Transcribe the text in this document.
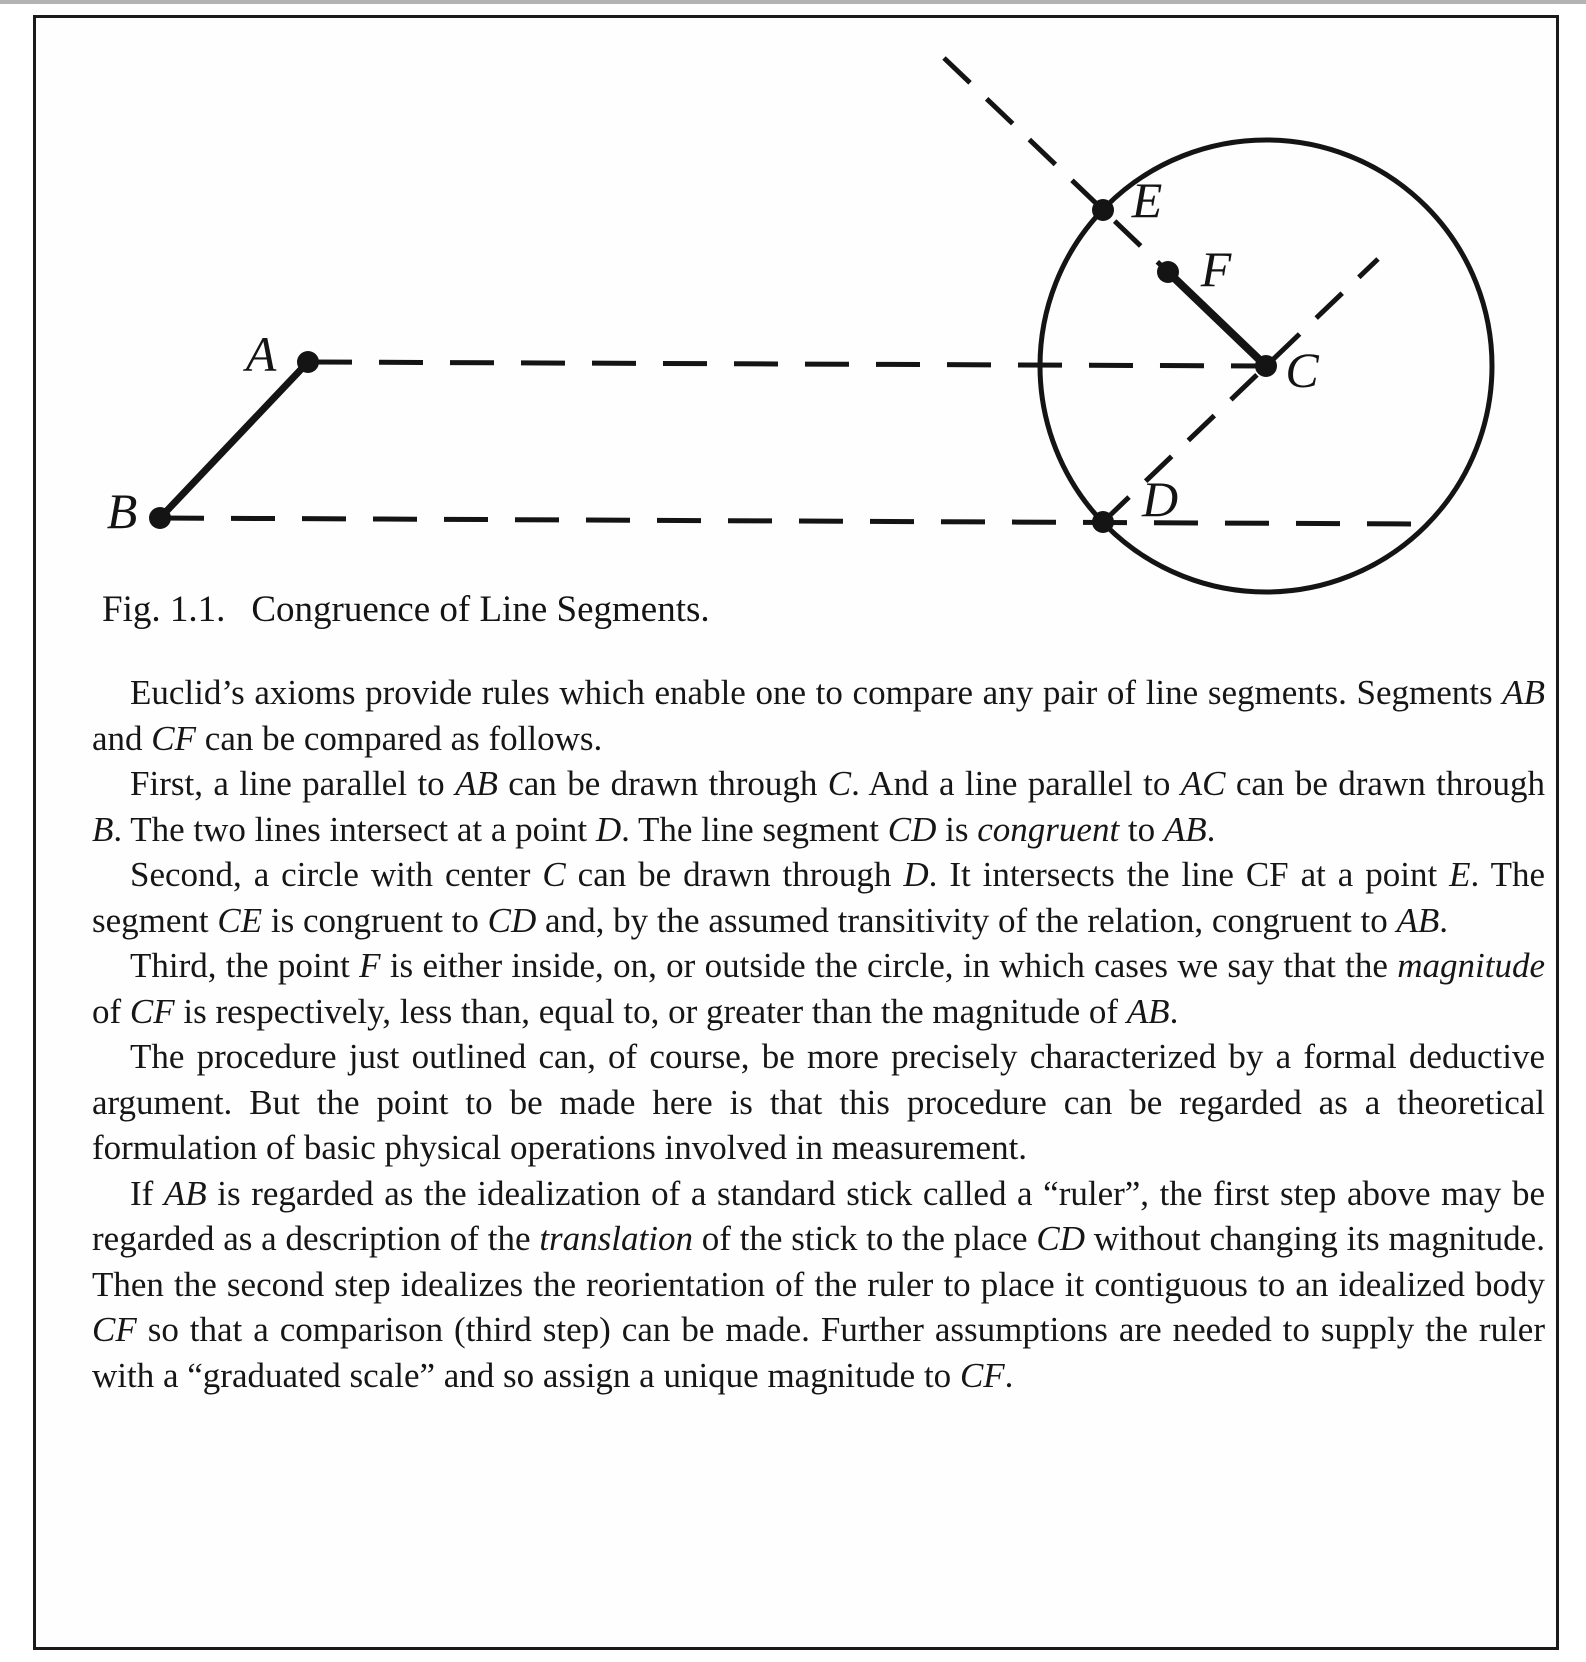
A
B
C
D
E
F
Fig. 1.1. Congruence of Line Segments.

Euclid’s axioms provide rules which enable one to compare any pair of line segments. Segments AB and CF can be compared as follows.

First, a line parallel to AB can be drawn through C. And a line parallel to AC can be drawn through B. The two lines intersect at a point D. The line segment CD is congruent to AB.

Second, a circle with center C can be drawn through D. It intersects the line CF at a point E. The segment CE is congruent to CD and, by the assumed transitivity of the relation, congruent to AB.

Third, the point F is either inside, on, or outside the circle, in which cases we say that the magnitude of CF is respectively, less than, equal to, or greater than the magnitude of AB.

The procedure just outlined can, of course, be more precisely characterized by a formal deductive argument. But the point to be made here is that this procedure can be regarded as a theoretical formulation of basic physical operations involved in measurement.

If AB is regarded as the idealization of a standard stick called a “ruler”, the first step above may be regarded as a description of the translation of the stick to the place CD without changing its magnitude. Then the second step idealizes the reorientation of the ruler to place it contiguous to an idealized body CF so that a comparison (third step) can be made. Further assumptions are needed to supply the ruler with a “graduated scale” and so assign a unique magnitude to CF.
